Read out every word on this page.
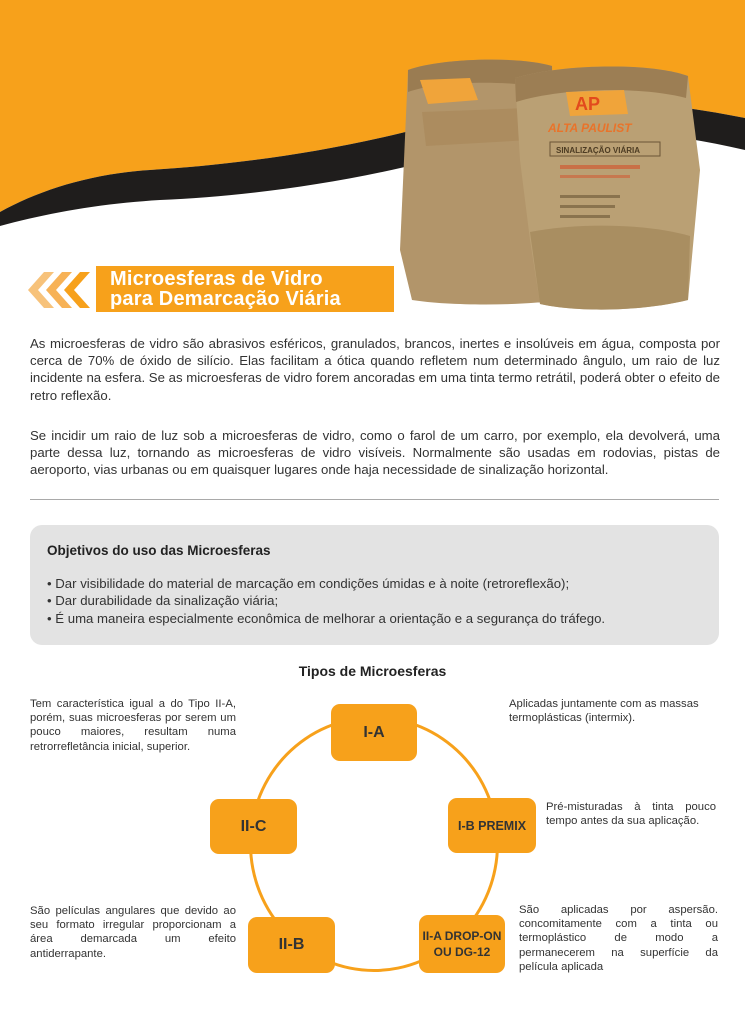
AP
ALTA PAULIST
SINALIZAÇÃO VIÁRIA
Microesferas de Vidro
para Demarcação Viária

As microesferas de vidro são abrasivos esféricos, granulados, brancos, inertes e insolúveis em água, composta por cerca de 70% de óxido de silício. Elas facilitam a ótica quando refletem num determinado ângulo, um raio de luz incidente na esfera. Se as microesferas de vidro forem ancoradas em uma tinta termo retrátil, poderá obter o efeito de retro reflexão.

Se incidir um raio de luz sob a microesferas de vidro, como o farol de um carro, por exemplo, ela devolverá, uma parte dessa luz, tornando as microesferas de vidro visíveis. Normalmente são usadas em rodovias, pistas de aeroporto, vias urbanas ou em quaisquer lugares onde haja necessidade de sinalização horizontal.

Objetivos do uso das Microesferas

• Dar visibilidade do material de marcação em condições úmidas e à noite (retroreflexão);
• Dar durabilidade da sinalização viária;
• É uma maneira especialmente econômica de melhorar a orientação e a segurança do tráfego.

Tipos de Microesferas

I-A
II-C	I-B PREMIX
II-B	II-A DROP-ON
OU DG-12

Tem característica igual a do Tipo II-A, porém, suas microesferas por serem um pouco maiores, resultam numa retrorrefletância inicial, superior.

Aplicadas juntamente com as massas termoplásticas (intermix).

Pré-misturadas à tinta pouco tempo antes da sua aplicação.

São películas angulares que devido ao seu formato irregular proporcionam a área demarcada um efeito antiderrapante.

São aplicadas por aspersão. concomitamente com a tinta ou termoplástico de modo a permanecerem na superfície da película aplicada
